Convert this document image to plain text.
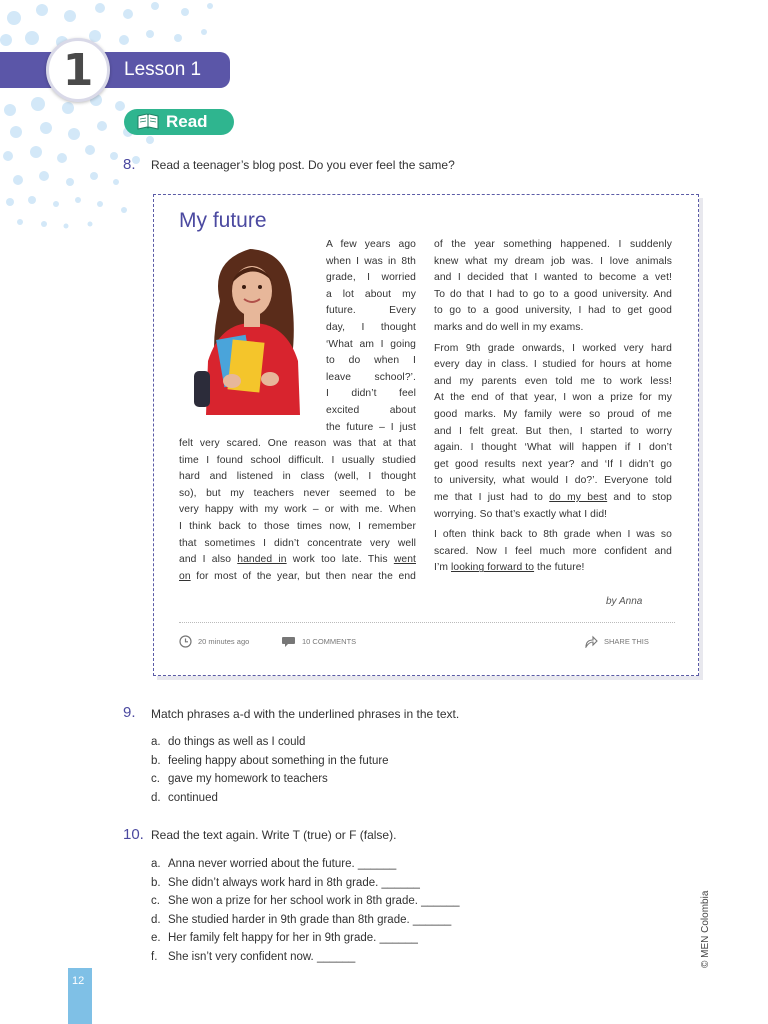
1 Lesson 1
Read
8. Read a teenager’s blog post. Do you ever feel the same?
My future
A few years ago
when I was in 8th
grade, I worried
a lot about my
future. Every
day, I thought
‘What am I going
to do when I
leave school?’.
I didn’t feel
excited about
the future – I just
felt very scared. One reason was that at that
time I found school difficult. I usually studied
hard and listened in class (well, I thought
so), but my teachers never seemed to be
very happy with my work – or with me. When
I think back to those times now, I remember
that sometimes I didn’t concentrate very well
and I also handed in work too late. This went
on for most of the year, but then near the end
of the year something happened. I suddenly
knew what my dream job was. I love animals
and I decided that I wanted to become a vet!
To do that I had to go to a good university. And
to go to a good university, I had to get good
marks and do well in my exams.
From 9th grade onwards, I worked very hard
every day in class. I studied for hours at home
and my parents even told me to work less!
At the end of that year, I won a prize for my
good marks. My family were so proud of me
and I felt great. But then, I started to worry
again. I thought ‘What will happen if I don’t
get good results next year? and ‘If I didn’t go
to university, what would I do?’. Everyone told
me that I just had to do my best and to stop
worrying. So that’s exactly what I did!
I often think back to 8th grade when I was so
scared. Now I feel much more confident and
I’m looking forward to the future!
by Anna
20 minutes ago	10 COMMENTS	SHARE THIS
9. Match phrases a-d with the underlined phrases in the text.
a. do things as well as I could
b. feeling happy about something in the future
c. gave my homework to teachers
d. continued
10. Read the text again. Write T (true) or F (false).
a. Anna never worried about the future. ______
b. She didn’t always work hard in 8th grade. ______
c. She won a prize for her school work in 8th grade. ______
d. She studied harder in 9th grade than 8th grade. ______
e. Her family felt happy for her in 9th grade. ______
f. She isn’t very confident now. ______
12
© MEN Colombia
